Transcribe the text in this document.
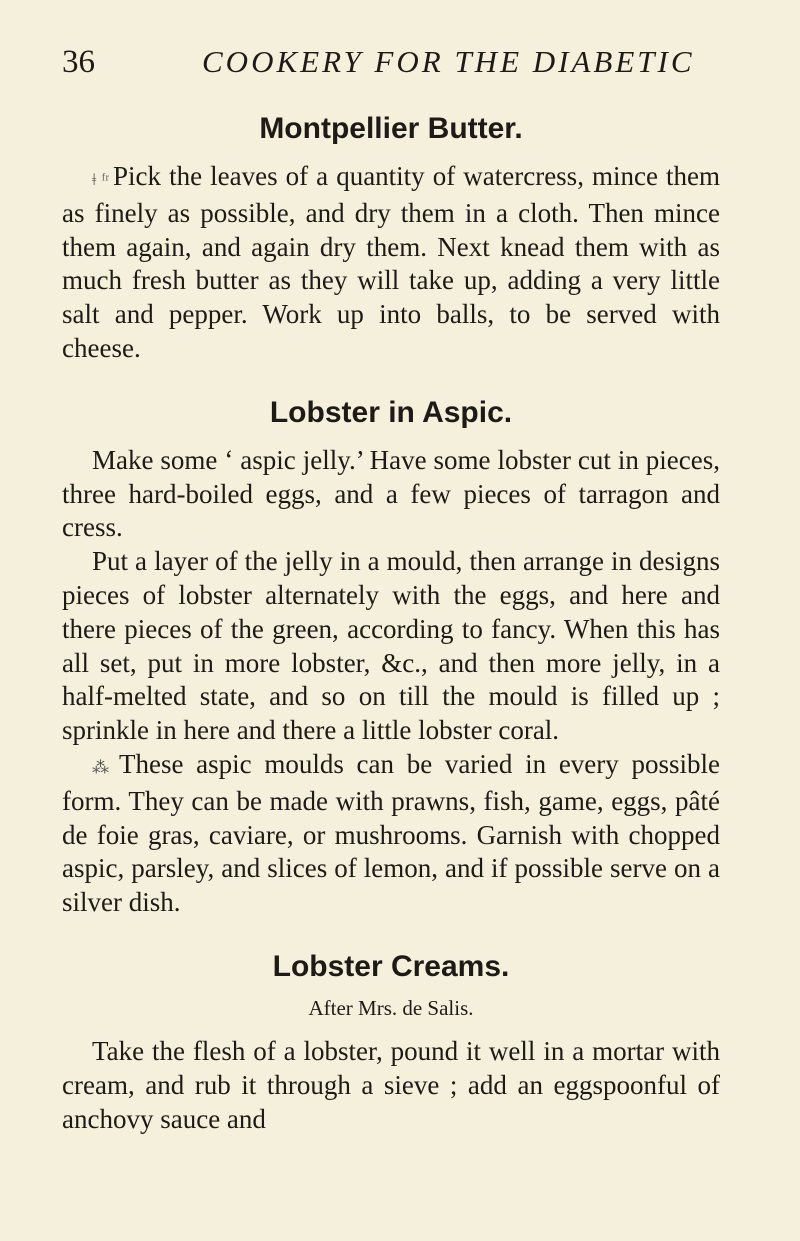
36	COOKERY FOR THE DIABETIC
Montpellier Butter.

ǂ ᶠʳ Pick the leaves of a quantity of watercress, mince them as finely as possible, and dry them in a cloth. Then mince them again, and again dry them. Next knead them with as much fresh butter as they will take up, adding a very little salt and pepper. Work up into balls, to be served with cheese.

Lobster in Aspic.

Make some ‘ aspic jelly.’ Have some lobster cut in pieces, three hard-boiled eggs, and a few pieces of tarragon and cress.

Put a layer of the jelly in a mould, then arrange in designs pieces of lobster alternately with the eggs, and here and there pieces of the green, according to fancy. When this has all set, put in more lobster, &c., and then more jelly, in a half-melted state, and so on till the mould is filled up ; sprinkle in here and there a little lobster coral.

⁂ These aspic moulds can be varied in every possible form. They can be made with prawns, fish, game, eggs, pâté de foie gras, caviare, or mushrooms. Garnish with chopped aspic, parsley, and slices of lemon, and if possible serve on a silver dish.

Lobster Creams.
After Mrs. de Salis.

Take the flesh of a lobster, pound it well in a mortar with cream, and rub it through a sieve ; add an eggspoonful of anchovy sauce and
